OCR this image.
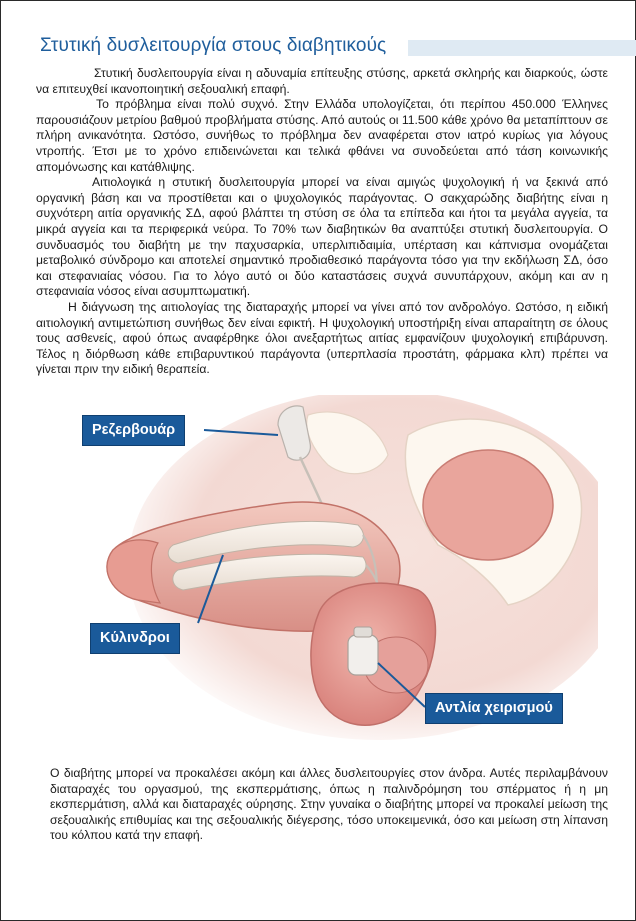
Στυτική δυσλειτουργία στους διαβητικούς

Στυτική δυσλειτουργία είναι η αδυναμία επίτευξης στύσης, αρκετά σκληρής και διαρκούς, ώστε να επιτευχθεί ικανοποιητική σεξουαλική επαφή.

Το πρόβλημα είναι πολύ συχνό. Στην Ελλάδα υπολογίζεται, ότι περίπου 450.000 Έλληνες παρουσιάζουν μετρίου βαθμού προβλήματα στύσης. Από αυτούς οι 11.500 κάθε χρόνο θα μεταπίπτουν σε πλήρη ανικανότητα. Ωστόσο, συνήθως το πρόβλημα δεν αναφέρεται στον ιατρό κυρίως για λόγους ντροπής. Έτσι με το χρόνο επιδεινώνεται και τελικά φθάνει να συνοδεύεται από τάση κοινωνικής απομόνωσης και κατάθλιψης.

Αιτιολογικά η στυτική δυσλειτουργία μπορεί να είναι αμιγώς ψυχολογική ή να ξεκινά από οργανική βάση και να προστίθεται και ο ψυχολογικός παράγοντας. Ο σακχαρώδης διαβήτης είναι η συχνότερη αιτία οργανικής ΣΔ, αφού βλάπτει τη στύση σε όλα τα επίπεδα και ήτοι τα μεγάλα αγγεία, τα μικρά αγγεία και τα περιφερικά νεύρα. Το 70% των διαβητικών θα αναπτύξει στυτική δυσλειτουργία. Ο συνδυασμός του διαβήτη με την παχυσαρκία, υπερλιπιδαιμία, υπέρταση και κάπνισμα ονομάζεται μεταβολικό σύνδρομο και αποτελεί σημαντικό προδιαθεσικό παράγοντα τόσο για την εκδήλωση ΣΔ, όσο και στεφανιαίας νόσου. Για το λόγο αυτό οι δύο καταστάσεις συχνά συνυπάρχουν, ακόμη και αν η στεφανιαία νόσος είναι ασυμπτωματική.

Η διάγνωση της αιτιολογίας της διαταραχής μπορεί να γίνει από τον ανδρολόγο. Ωστόσο, η ειδική αιτιολογική αντιμετώπιση συνήθως δεν είναι εφικτή. Η ψυχολογική υποστήριξη είναι απαραίτητη σε όλους τους ασθενείς, αφού όπως αναφέρθηκε όλοι ανεξαρτήτως αιτίας εμφανίζουν ψυχολογική επιβάρυνση. Τέλος η διόρθωση κάθε επιβαρυντικού παράγοντα (υπερπλασία προστάτη, φάρμακα κλπ) πρέπει να γίνεται πριν την ειδική θεραπεία.

Ρεζερβουάρ
Κύλινδροι
Αντλία χειρισμού

Ο διαβήτης μπορεί να προκαλέσει ακόμη και άλλες δυσλειτουργίες στον άνδρα. Αυτές περιλαμβάνουν διαταραχές του οργασμού, της εκσπερμάτισης, όπως η παλινδρόμηση του σπέρματος ή η μη εκσπερμάτιση, αλλά και διαταραχές ούρησης. Στην γυναίκα ο διαβήτης μπορεί να προκαλεί μείωση της σεξουαλικής επιθυμίας και της σεξουαλικής διέγερσης, τόσο υποκειμενικά, όσο και μείωση στη λίπανση του κόλπου κατά την επαφή.
